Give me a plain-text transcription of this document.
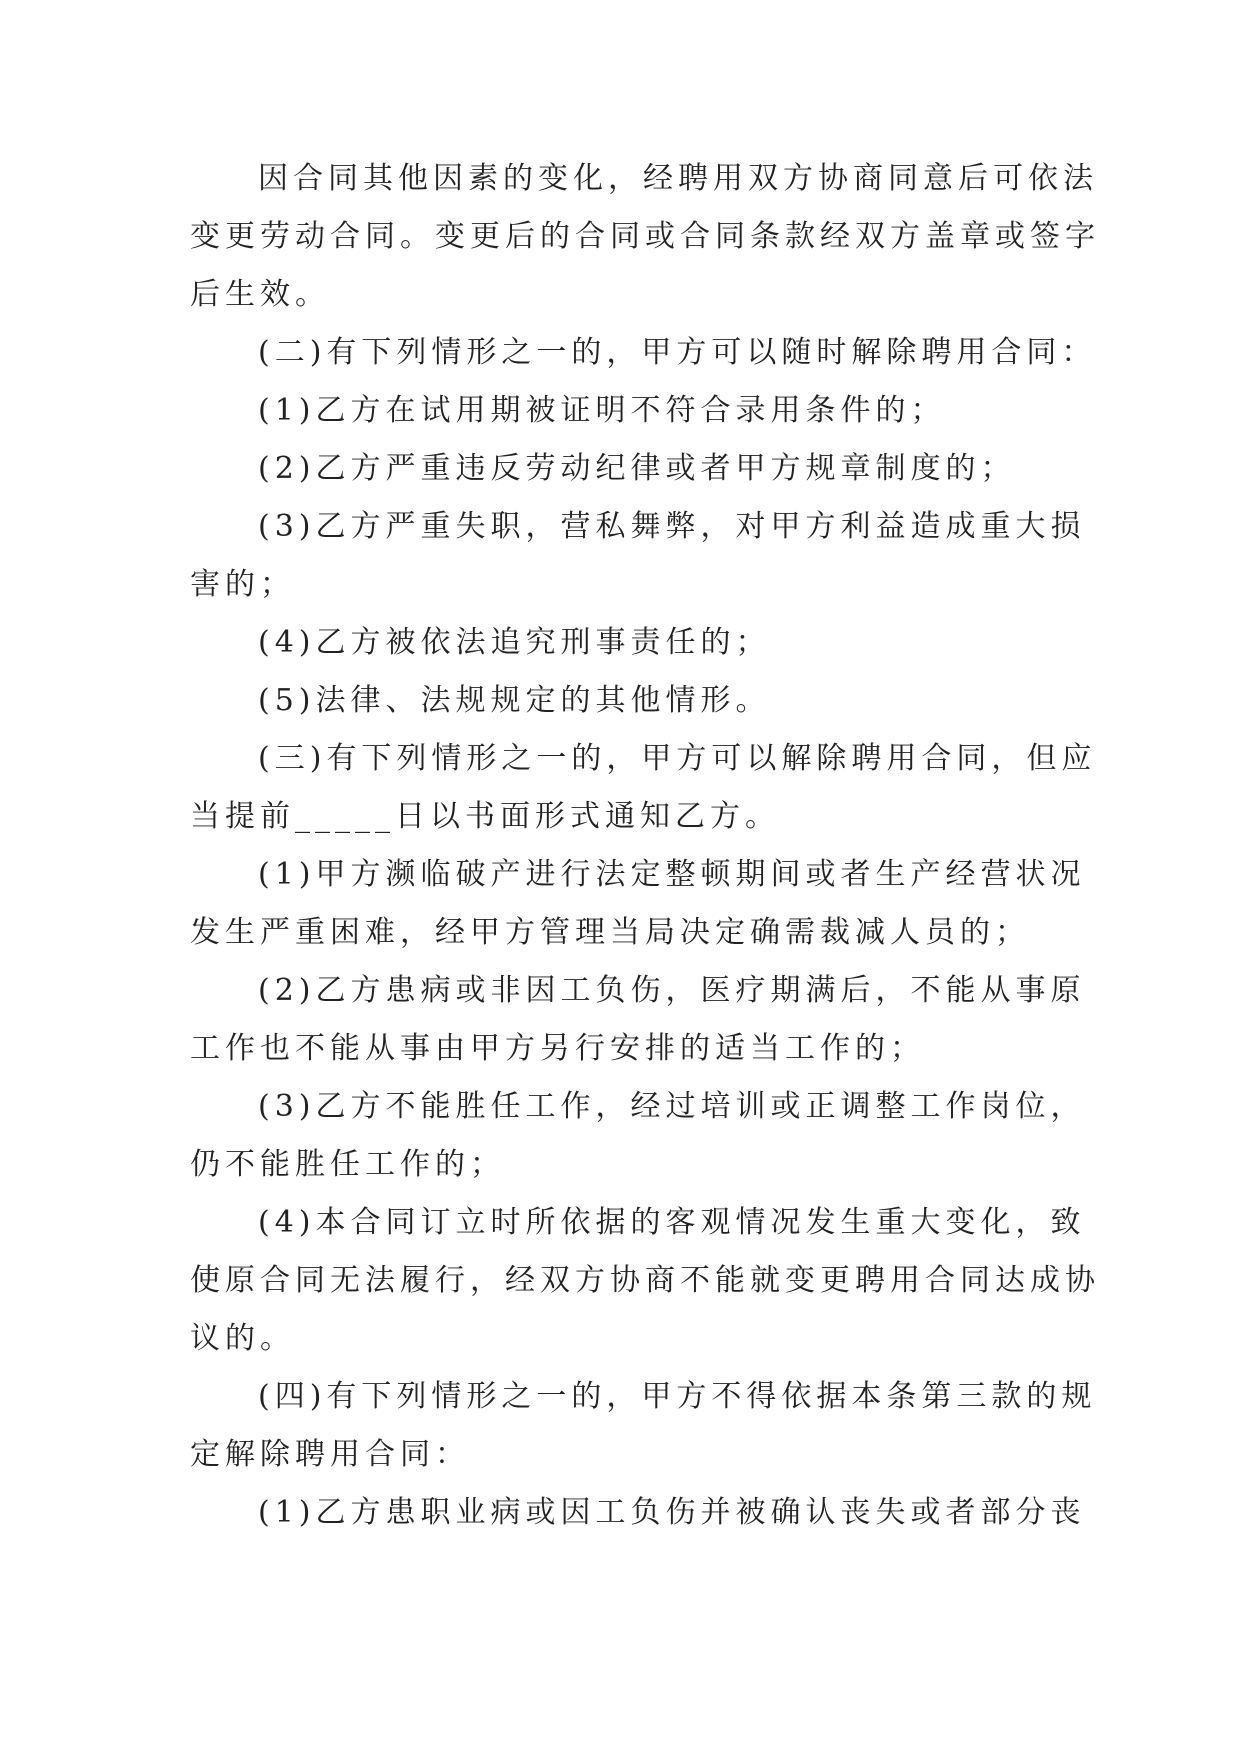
因合同其他因素的变化，经聘用双方协商同意后可依法
变更劳动合同。变更后的合同或合同条款经双方盖章或签字
后生效。
(二)有下列情形之一的，甲方可以随时解除聘用合同：
(1)乙方在试用期被证明不符合录用条件的；
(2)乙方严重违反劳动纪律或者甲方规章制度的；
(3)乙方严重失职，营私舞弊，对甲方利益造成重大损
害的；
(4)乙方被依法追究刑事责任的；
(5)法律、法规规定的其他情形。
(三)有下列情形之一的，甲方可以解除聘用合同，但应
当提前_____日以书面形式通知乙方。
(1)甲方濒临破产进行法定整顿期间或者生产经营状况
发生严重困难，经甲方管理当局决定确需裁减人员的；
(2)乙方患病或非因工负伤，医疗期满后，不能从事原
工作也不能从事由甲方另行安排的适当工作的；
(3)乙方不能胜任工作，经过培训或正调整工作岗位，
仍不能胜任工作的；
(4)本合同订立时所依据的客观情况发生重大变化，致
使原合同无法履行，经双方协商不能就变更聘用合同达成协
议的。
(四)有下列情形之一的，甲方不得依据本条第三款的规
定解除聘用合同：
(1)乙方患职业病或因工负伤并被确认丧失或者部分丧
